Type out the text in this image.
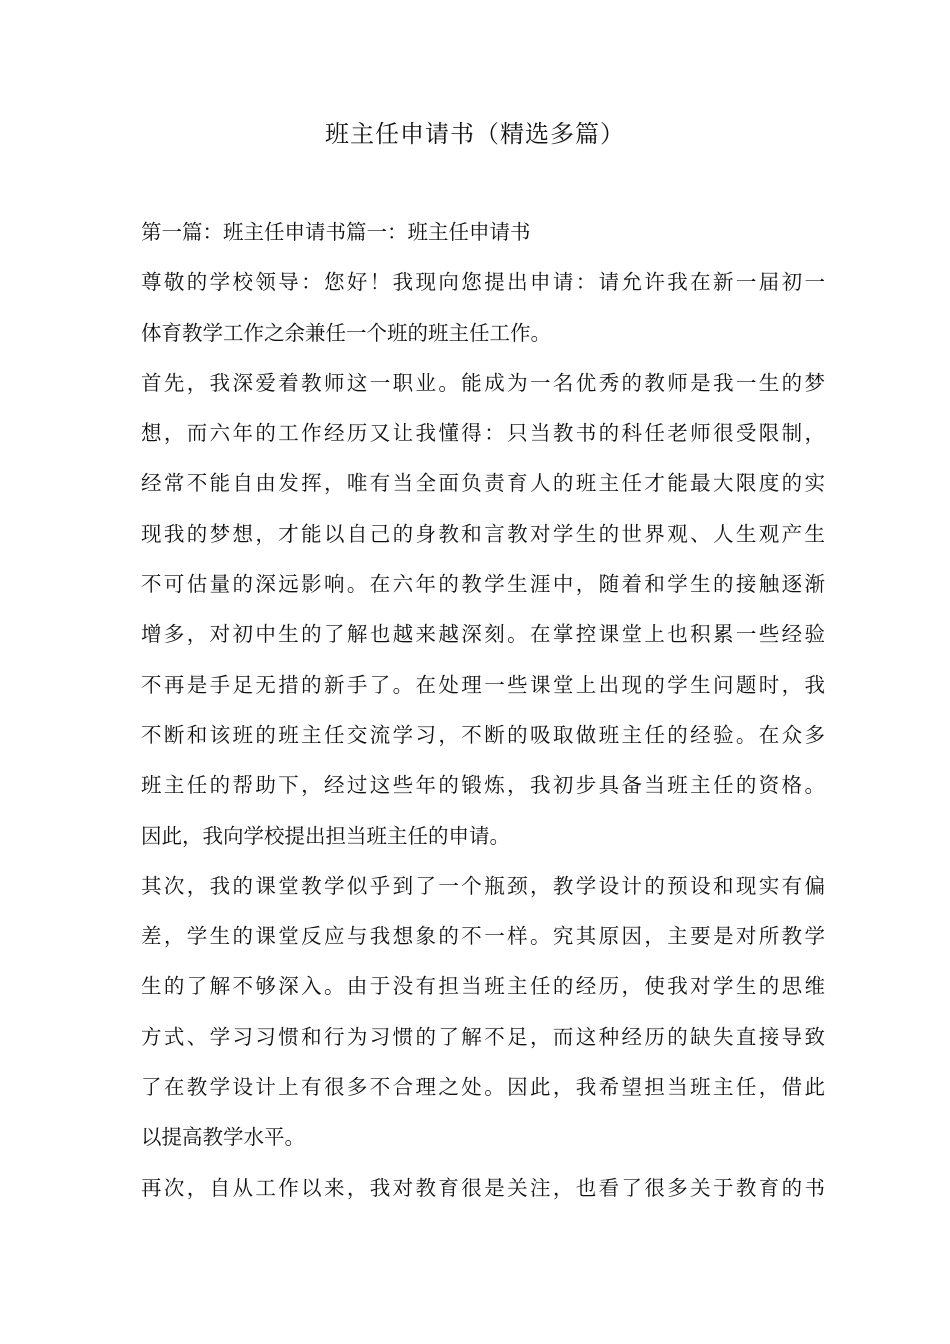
班主任申请书（精选多篇）
第一篇：班主任申请书篇一：班主任申请书
尊敬的学校领导：您好！我现向您提出申请：请允许我在新一届初一
体育教学工作之余兼任一个班的班主任工作。
首先，我深爱着教师这一职业。能成为一名优秀的教师是我一生的梦
想，而六年的工作经历又让我懂得：只当教书的科任老师很受限制，
经常不能自由发挥，唯有当全面负责育人的班主任才能最大限度的实
现我的梦想，才能以自己的身教和言教对学生的世界观、人生观产生
不可估量的深远影响。在六年的教学生涯中，随着和学生的接触逐渐
增多，对初中生的了解也越来越深刻。在掌控课堂上也积累一些经验
不再是手足无措的新手了。在处理一些课堂上出现的学生问题时，我
不断和该班的班主任交流学习，不断的吸取做班主任的经验。在众多
班主任的帮助下，经过这些年的锻炼，我初步具备当班主任的资格。
因此，我向学校提出担当班主任的申请。
其次，我的课堂教学似乎到了一个瓶颈，教学设计的预设和现实有偏
差，学生的课堂反应与我想象的不一样。究其原因，主要是对所教学
生的了解不够深入。由于没有担当班主任的经历，使我对学生的思维
方式、学习习惯和行为习惯的了解不足，而这种经历的缺失直接导致
了在教学设计上有很多不合理之处。因此，我希望担当班主任，借此
以提高教学水平。
再次，自从工作以来，我对教育很是关注，也看了很多关于教育的书
